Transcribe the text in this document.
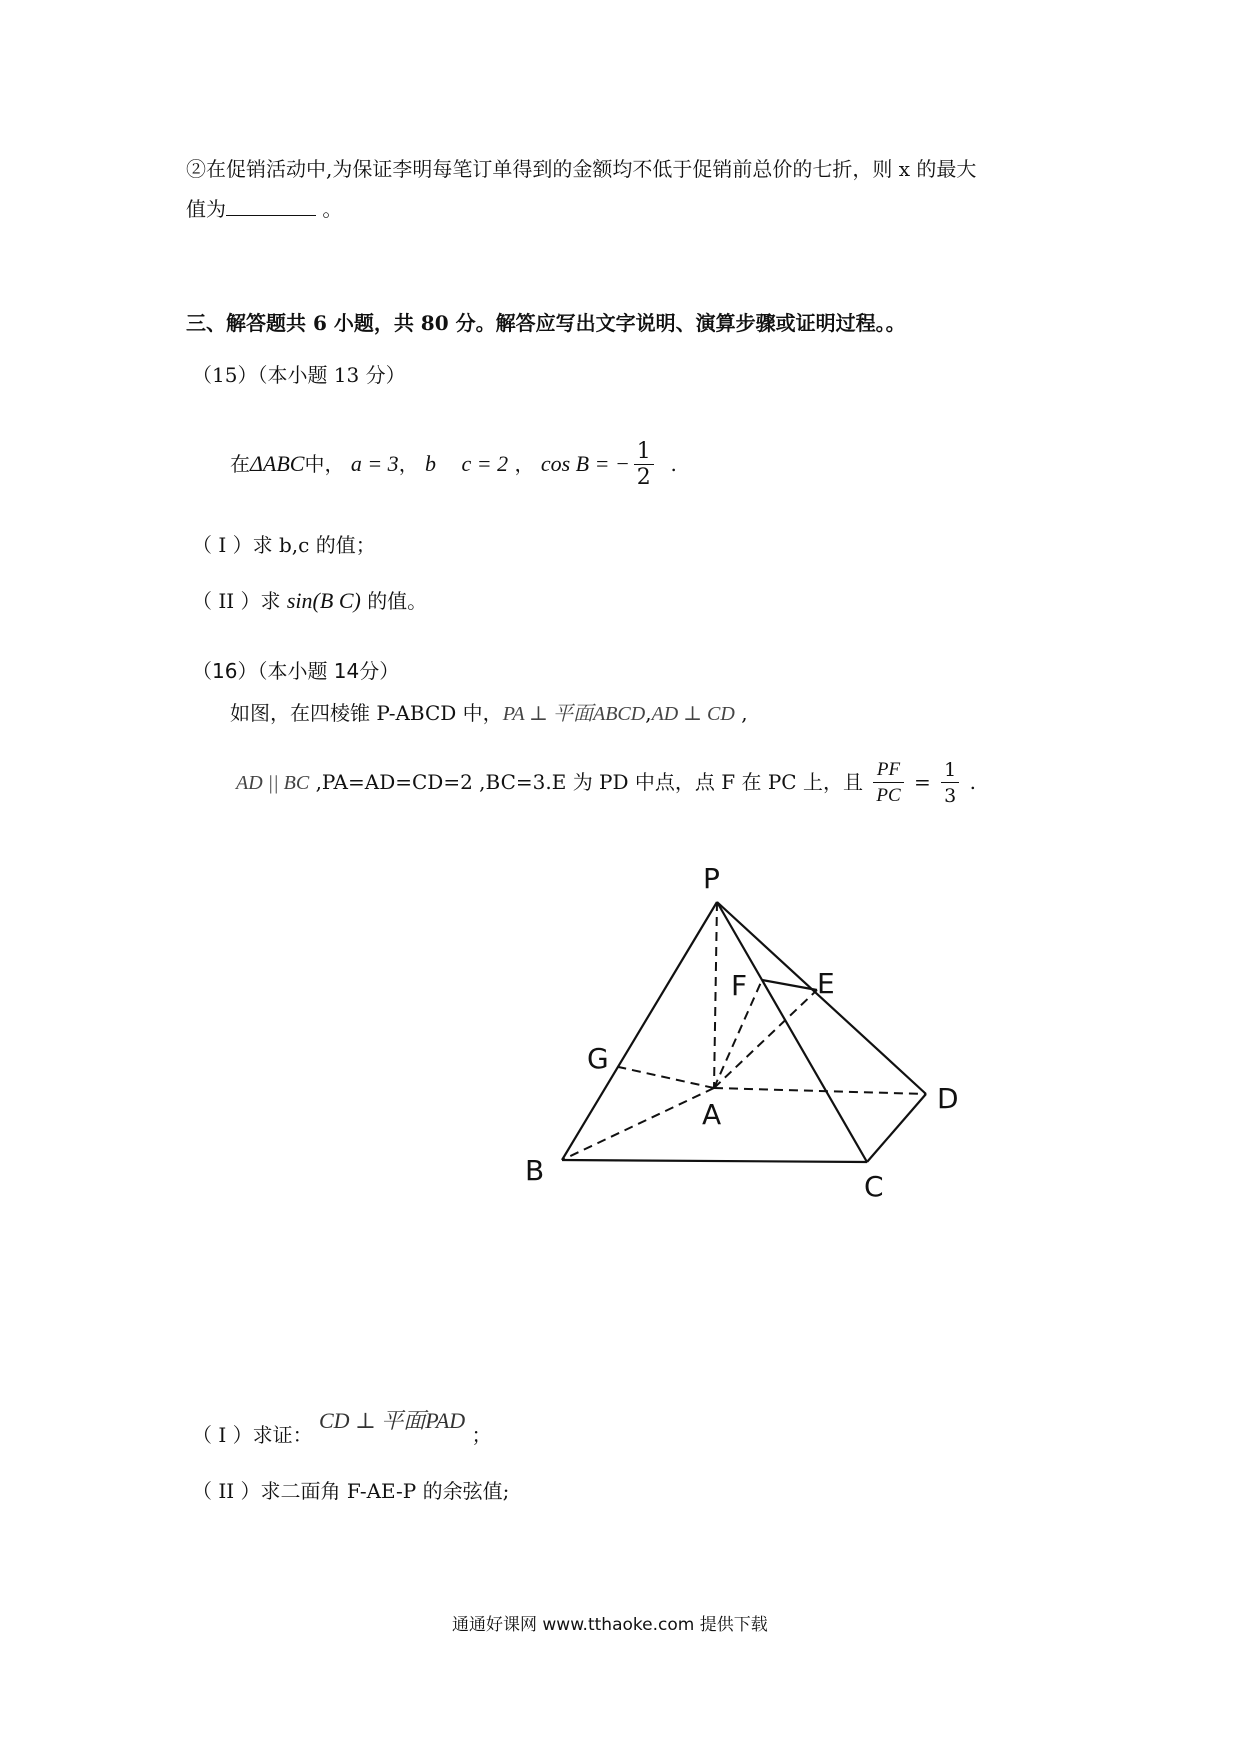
②在促销活动中,为保证李明每笔订单得到的金额均不低于促销前总价的七折，则 x 的最大
值为	。
三、解答题共 6 小题，共 80 分。解答应写出文字说明、演算步骤或证明过程。。
（15）（本小题 13 分）
在ΔABC中， a = 3， b c = 2 ， cos B = − $\frac{1}{2}$ .
（ I ）求 b,c 的值；
（ II ）求 sin(B C) 的值。
（16）（本小题 14分）
如图，在四棱锥 P-ABCD 中，PA ⊥ 平面ABCD,AD ⊥ CD ,
AD || BC ,PA=AD=CD=2 ,BC=3.E 为 PD 中点，点 F 在 PC 上，且 $\frac{PF}{PC} = \frac{1}{3}$ .
P
F E
G
A	D
B	C
（ I ）求证： CD ⊥ 平面PAD ；
（ II ）求二面角 F-AE-P 的余弦值;
通通好课网 www.tthaoke.com 提供下载
